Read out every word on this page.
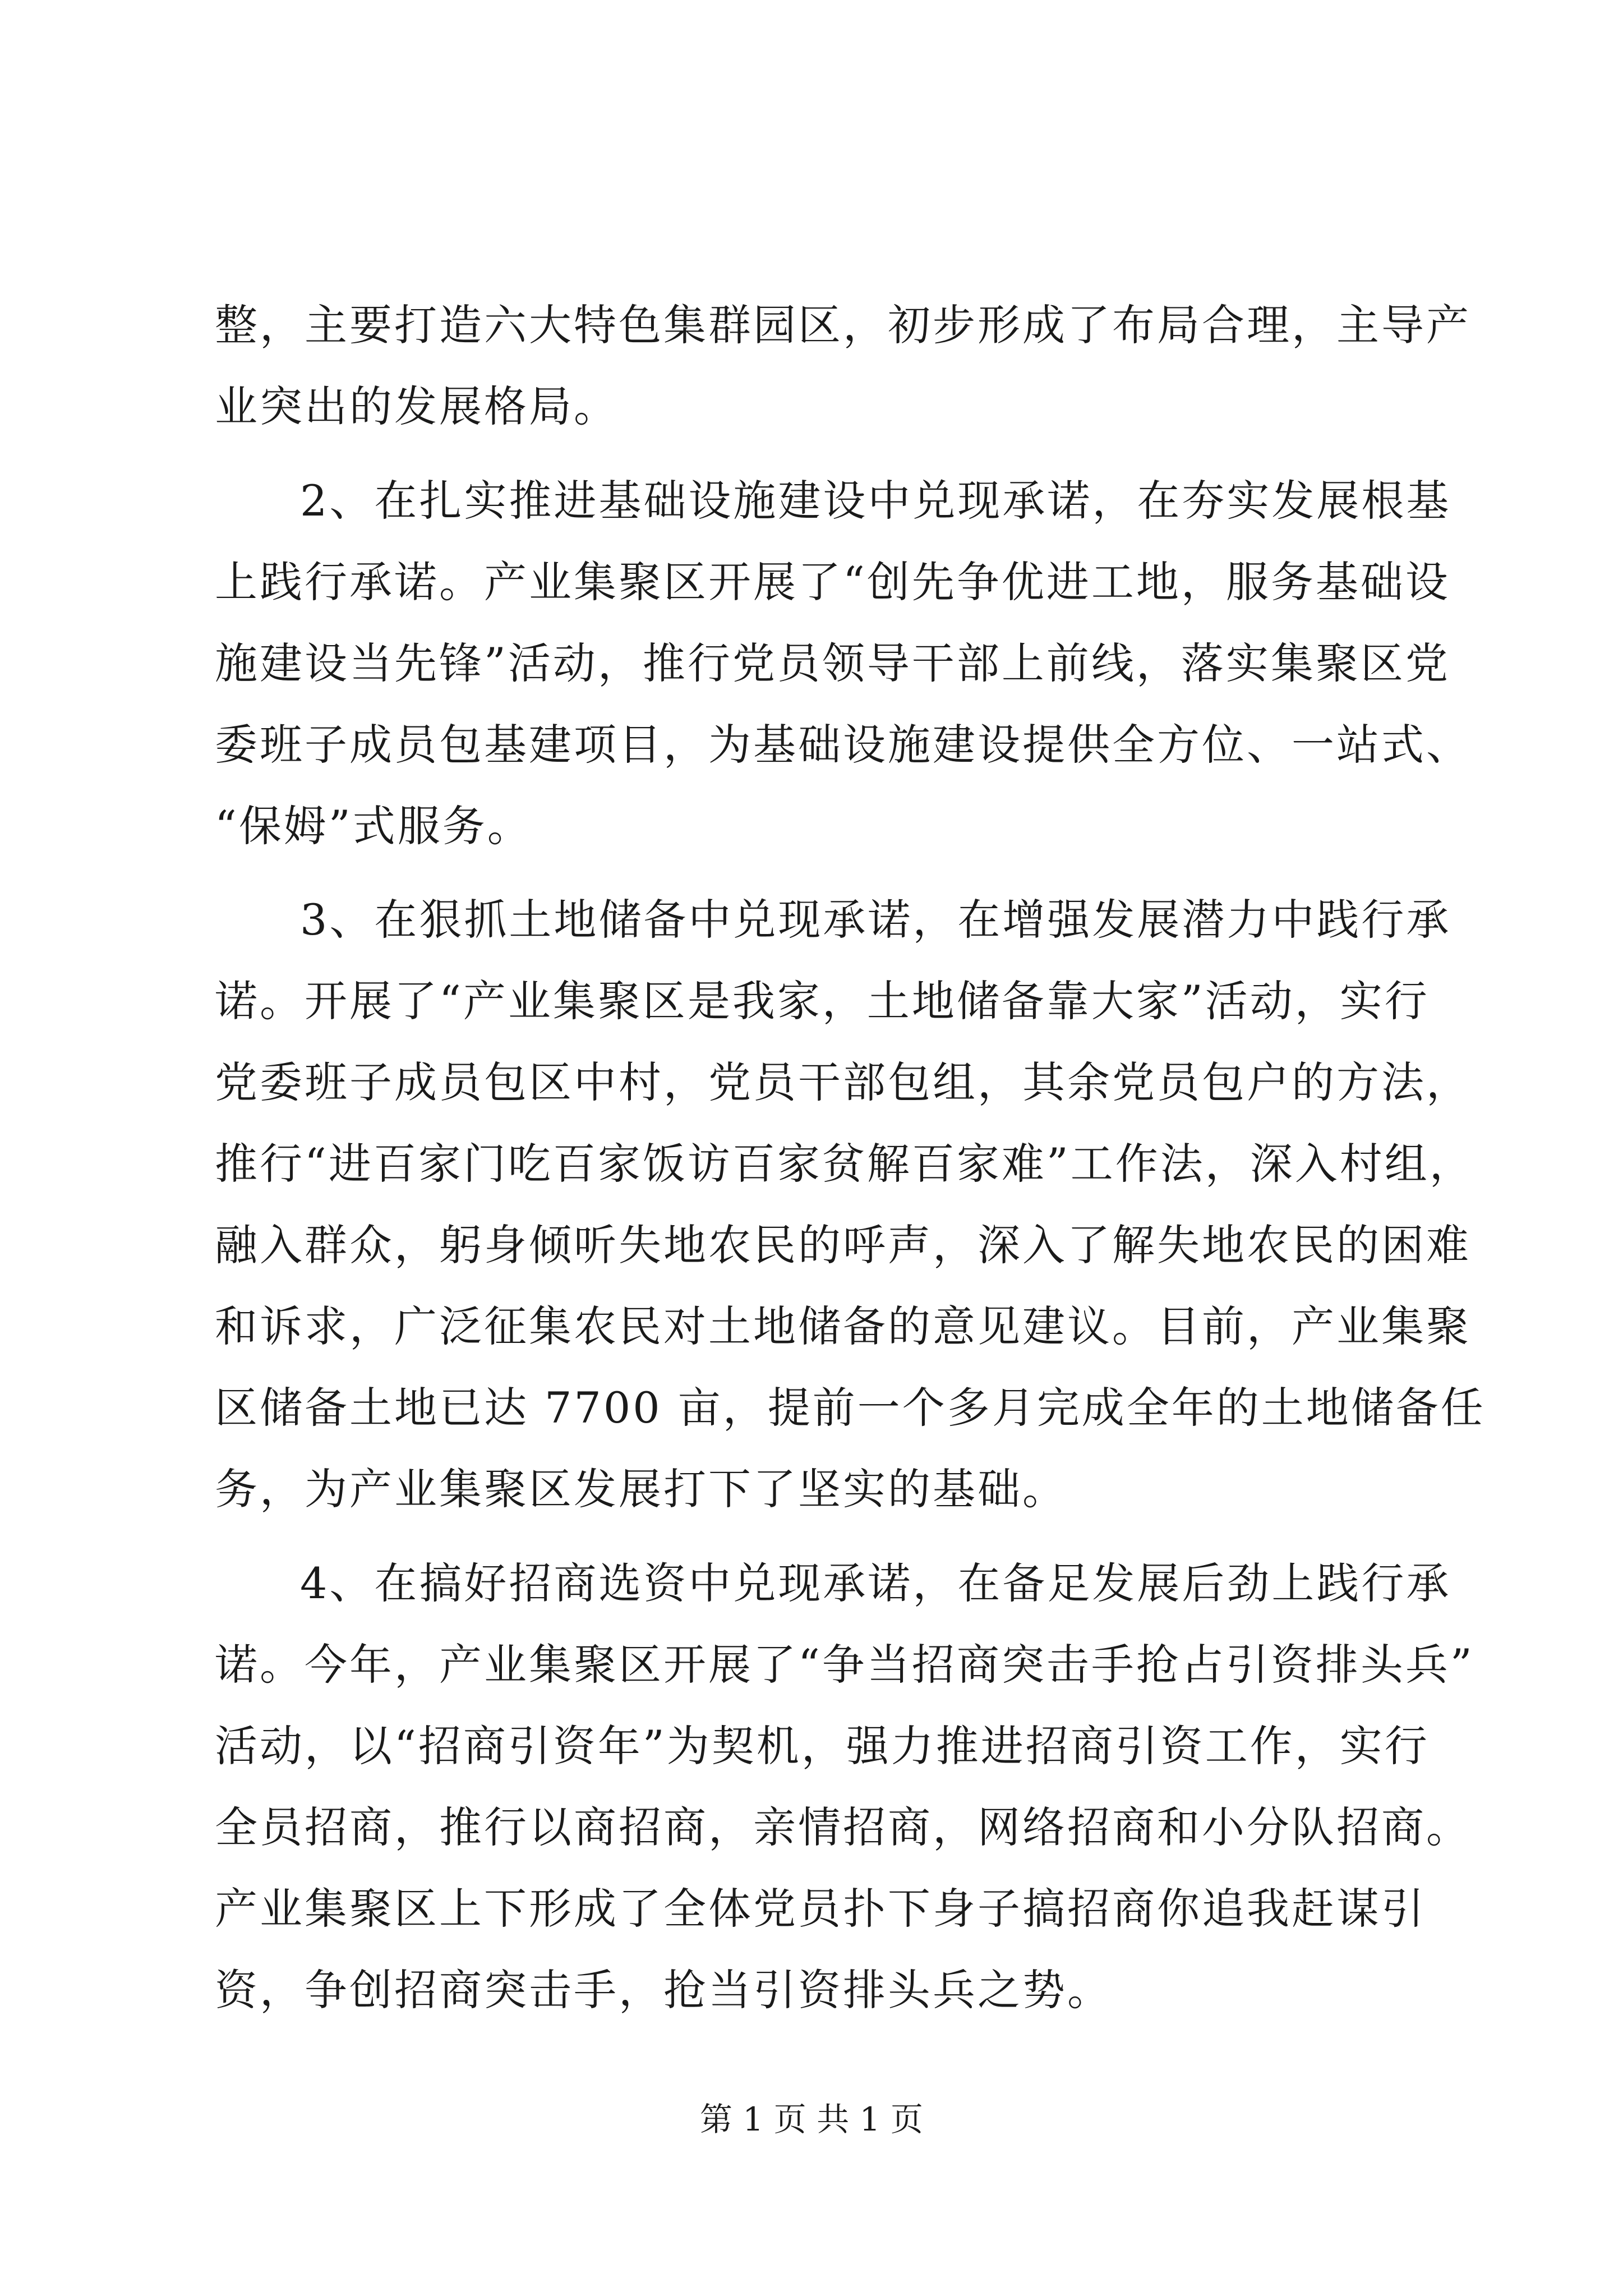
整，主要打造六大特色集群园区，初步形成了布局合理，主导产
业突出的发展格局。
2、在扎实推进基础设施建设中兑现承诺，在夯实发展根基
上践行承诺。产业集聚区开展了“创先争优进工地，服务基础设
施建设当先锋”活动，推行党员领导干部上前线，落实集聚区党
委班子成员包基建项目，为基础设施建设提供全方位、一站式、
“保姆”式服务。
3、在狠抓土地储备中兑现承诺，在增强发展潜力中践行承
诺。开展了“产业集聚区是我家，土地储备靠大家”活动，实行
党委班子成员包区中村，党员干部包组，其余党员包户的方法，
推行“进百家门吃百家饭访百家贫解百家难”工作法，深入村组，
融入群众，躬身倾听失地农民的呼声，深入了解失地农民的困难
和诉求，广泛征集农民对土地储备的意见建议。目前，产业集聚
区储备土地已达 7700 亩，提前一个多月完成全年的土地储备任
务，为产业集聚区发展打下了坚实的基础。
4、在搞好招商选资中兑现承诺，在备足发展后劲上践行承
诺。今年，产业集聚区开展了“争当招商突击手抢占引资排头兵”
活动，以“招商引资年”为契机，强力推进招商引资工作，实行
全员招商，推行以商招商，亲情招商，网络招商和小分队招商。
产业集聚区上下形成了全体党员扑下身子搞招商你追我赶谋引
资，争创招商突击手，抢当引资排头兵之势。
第 1 页 共 1 页
